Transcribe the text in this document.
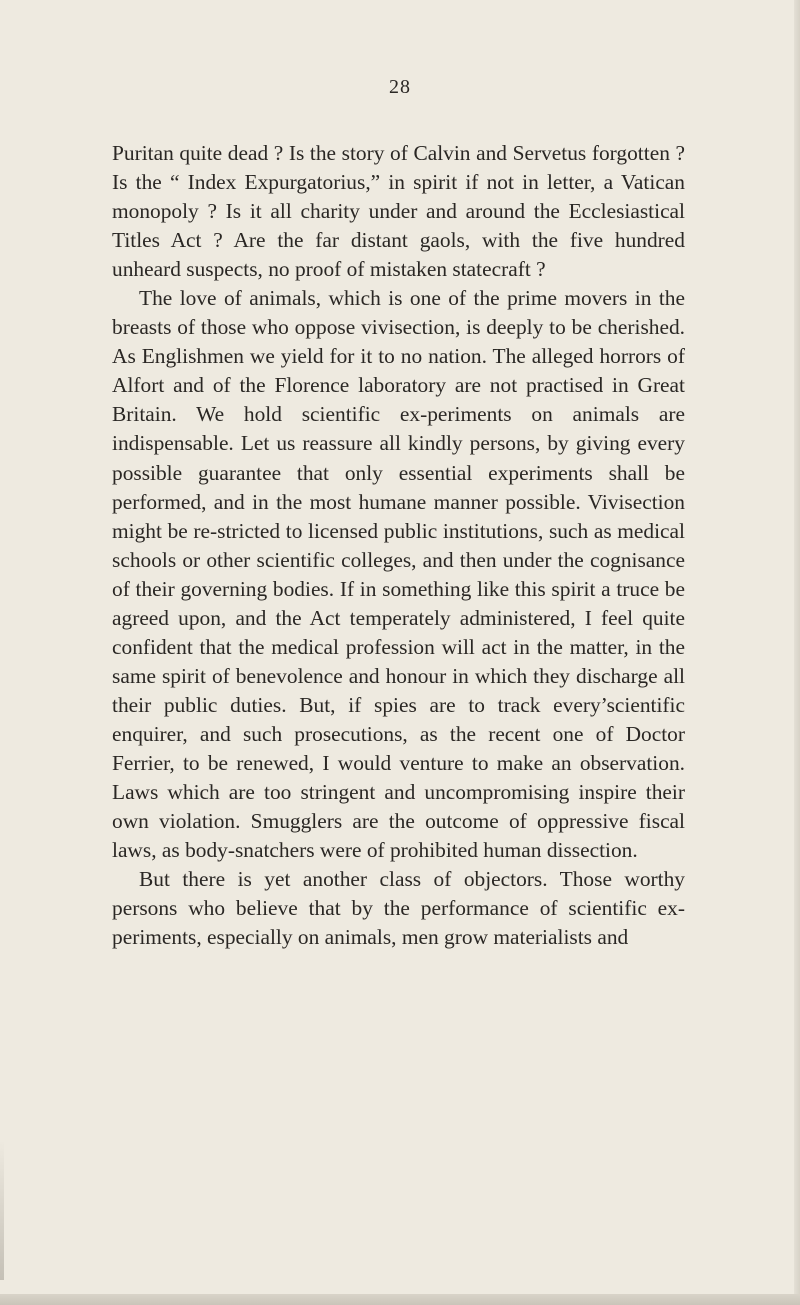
28

Puritan quite dead ? Is the story of Calvin and Servetus forgotten ? Is the “ Index Expurgatorius,” in spirit if not in letter, a Vatican monopoly ? Is it all charity under and around the Ecclesiastical Titles Act ? Are the far distant gaols, with the five hundred unheard suspects, no proof of mistaken statecraft ?

The love of animals, which is one of the prime movers in the breasts of those who oppose vivisection, is deeply to be cherished. As Englishmen we yield for it to no nation. The alleged horrors of Alfort and of the Florence laboratory are not practised in Great Britain. We hold scientific ex-periments on animals are indispensable. Let us reassure all kindly persons, by giving every possible guarantee that only essential experiments shall be performed, and in the most humane manner possible. Vivisection might be re-stricted to licensed public institutions, such as medical schools or other scientific colleges, and then under the cognisance of their governing bodies. If in something like this spirit a truce be agreed upon, and the Act temperately administered, I feel quite confident that the medical profession will act in the matter, in the same spirit of benevolence and honour in which they discharge all their public duties. But, if spies are to track every’scientific enquirer, and such prosecutions, as the recent one of Doctor Ferrier, to be renewed, I would venture to make an observation. Laws which are too stringent and uncompromising inspire their own violation. Smugglers are the outcome of oppressive fiscal laws, as body-snatchers were of prohibited human dissection.

But there is yet another class of objectors. Those worthy persons who believe that by the performance of scientific ex-periments, especially on animals, men grow materialists and
